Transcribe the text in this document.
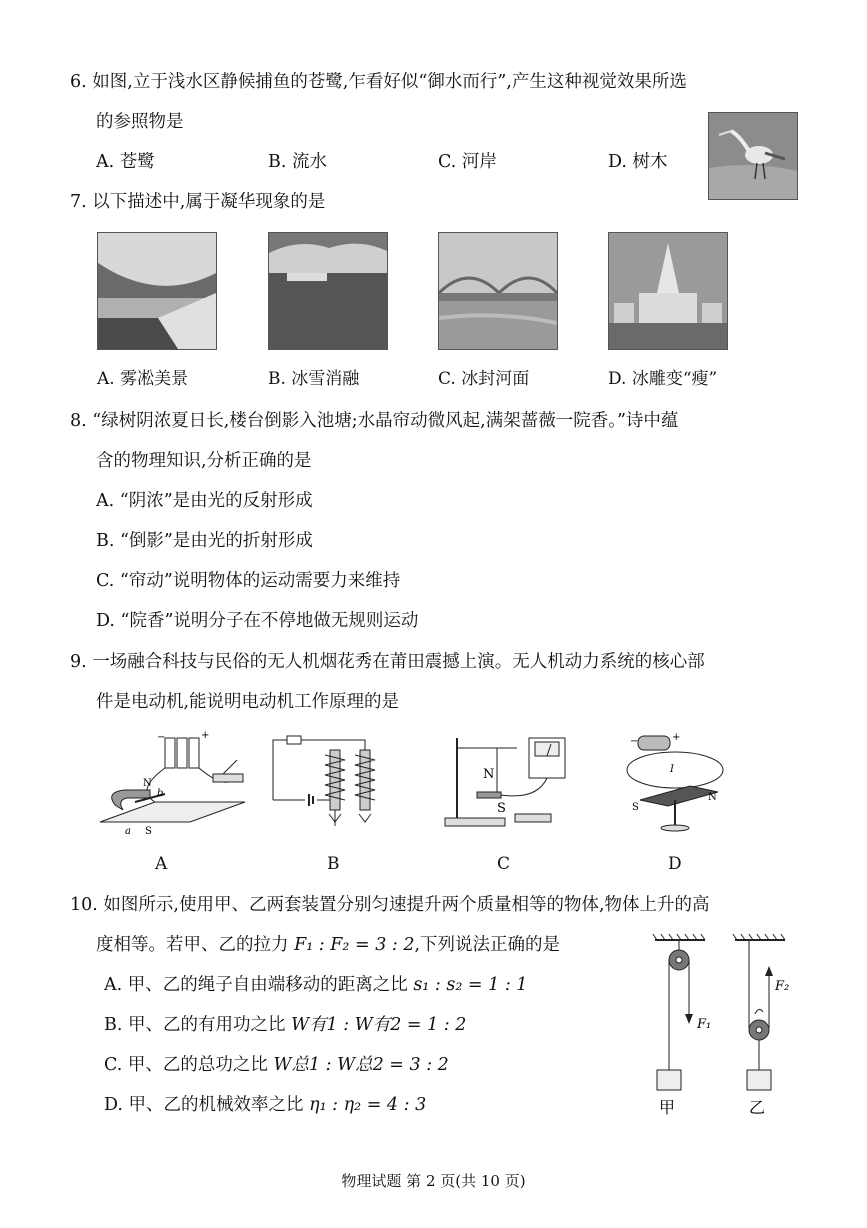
6. 如图,立于浅水区静候捕鱼的苍鹭,乍看好似“御水而行”,产生这种视觉效果所选
的参照物是
A. 苍鹭	B. 流水	C. 河岸	D. 树木
7. 以下描述中,属于凝华现象的是
A. 雾凇美景	B. 冰雪消融	C. 冰封河面	D. 冰雕变“瘦”
8. “绿树阴浓夏日长,楼台倒影入池塘;水晶帘动微风起,满架蔷薇一院香。”诗中蕴
含的物理知识,分析正确的是
A. “阴浓”是由光的反射形成
B. “倒影”是由光的折射形成
C. “帘动”说明物体的运动需要力来维持
D. “院香”说明分子在不停地做无规则运动
9. 一场融合科技与民俗的无人机烟花秀在莆田震撼上演。无人机动力系统的核心部
件是电动机,能说明电动机工作原理的是
−	+
N
S
a
b
N
S
−	+
I
S
N
A	B	C	D
10. 如图所示,使用甲、乙两套装置分别匀速提升两个质量相等的物体,物体上升的高
度相等。若甲、乙的拉力 F₁ : F₂ = 3 : 2,下列说法正确的是
A. 甲、乙的绳子自由端移动的距离之比 s₁ : s₂ = 1 : 1
B. 甲、乙的有用功之比 W有1 : W有2 = 1 : 2
C. 甲、乙的总功之比 W总1 : W总2 = 3 : 2
D. 甲、乙的机械效率之比 η₁ : η₂ = 4 : 3
F₁
甲
F₂
乙
物理试题 第 2 页(共 10 页)
